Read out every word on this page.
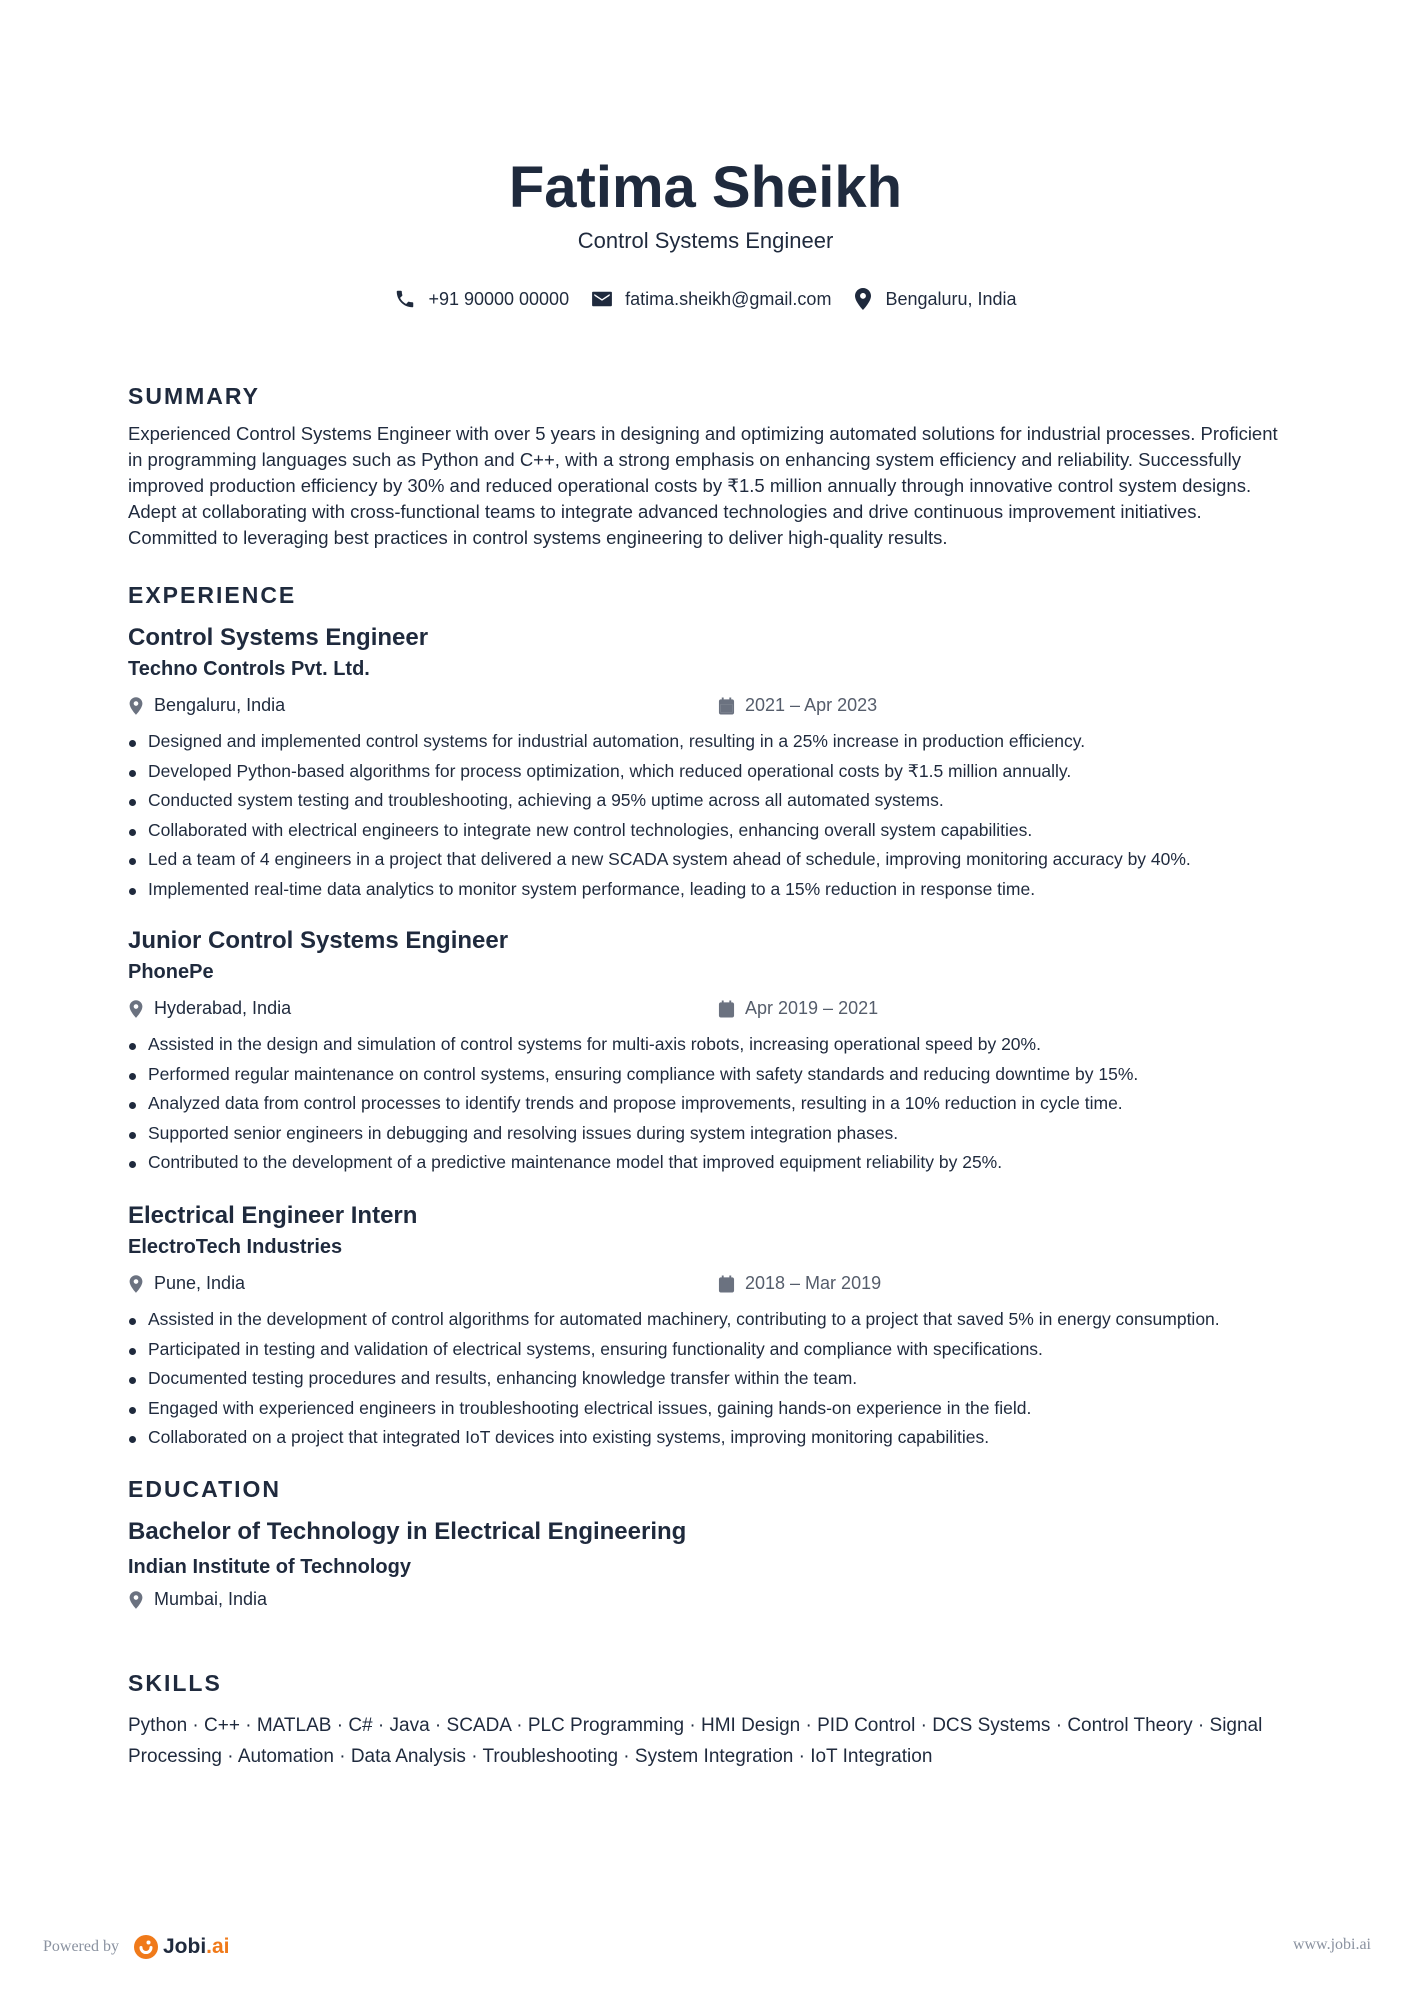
Fatima Sheikh
Control Systems Engineer
+91 90000 00000	fatima.sheikh@gmail.com	Bengaluru, India
SUMMARY
Experienced Control Systems Engineer with over 5 years in designing and optimizing automated solutions for industrial processes. Proficient in programming languages such as Python and C++, with a strong emphasis on enhancing system efficiency and reliability. Successfully improved production efficiency by 30% and reduced operational costs by ₹1.5 million annually through innovative control system designs. Adept at collaborating with cross-functional teams to integrate advanced technologies and drive continuous improvement initiatives. Committed to leveraging best practices in control systems engineering to deliver high-quality results.
EXPERIENCE
Control Systems Engineer
Techno Controls Pvt. Ltd.
Bengaluru, India	2021 – Apr 2023
Designed and implemented control systems for industrial automation, resulting in a 25% increase in production efficiency.
Developed Python-based algorithms for process optimization, which reduced operational costs by ₹1.5 million annually.
Conducted system testing and troubleshooting, achieving a 95% uptime across all automated systems.
Collaborated with electrical engineers to integrate new control technologies, enhancing overall system capabilities.
Led a team of 4 engineers in a project that delivered a new SCADA system ahead of schedule, improving monitoring accuracy by 40%.
Implemented real-time data analytics to monitor system performance, leading to a 15% reduction in response time.
Junior Control Systems Engineer
PhonePe
Hyderabad, India	Apr 2019 – 2021
Assisted in the design and simulation of control systems for multi-axis robots, increasing operational speed by 20%.
Performed regular maintenance on control systems, ensuring compliance with safety standards and reducing downtime by 15%.
Analyzed data from control processes to identify trends and propose improvements, resulting in a 10% reduction in cycle time.
Supported senior engineers in debugging and resolving issues during system integration phases.
Contributed to the development of a predictive maintenance model that improved equipment reliability by 25%.
Electrical Engineer Intern
ElectroTech Industries
Pune, India	2018 – Mar 2019
Assisted in the development of control algorithms for automated machinery, contributing to a project that saved 5% in energy consumption.
Participated in testing and validation of electrical systems, ensuring functionality and compliance with specifications.
Documented testing procedures and results, enhancing knowledge transfer within the team.
Engaged with experienced engineers in troubleshooting electrical issues, gaining hands-on experience in the field.
Collaborated on a project that integrated IoT devices into existing systems, improving monitoring capabilities.
EDUCATION
Bachelor of Technology in Electrical Engineering
Indian Institute of Technology
Mumbai, India
SKILLS
Python · C++ · MATLAB · C# · Java · SCADA · PLC Programming · HMI Design · PID Control · DCS Systems · Control Theory · Signal Processing · Automation · Data Analysis · Troubleshooting · System Integration · IoT Integration
Powered by Jobi .ai	www.jobi.ai
